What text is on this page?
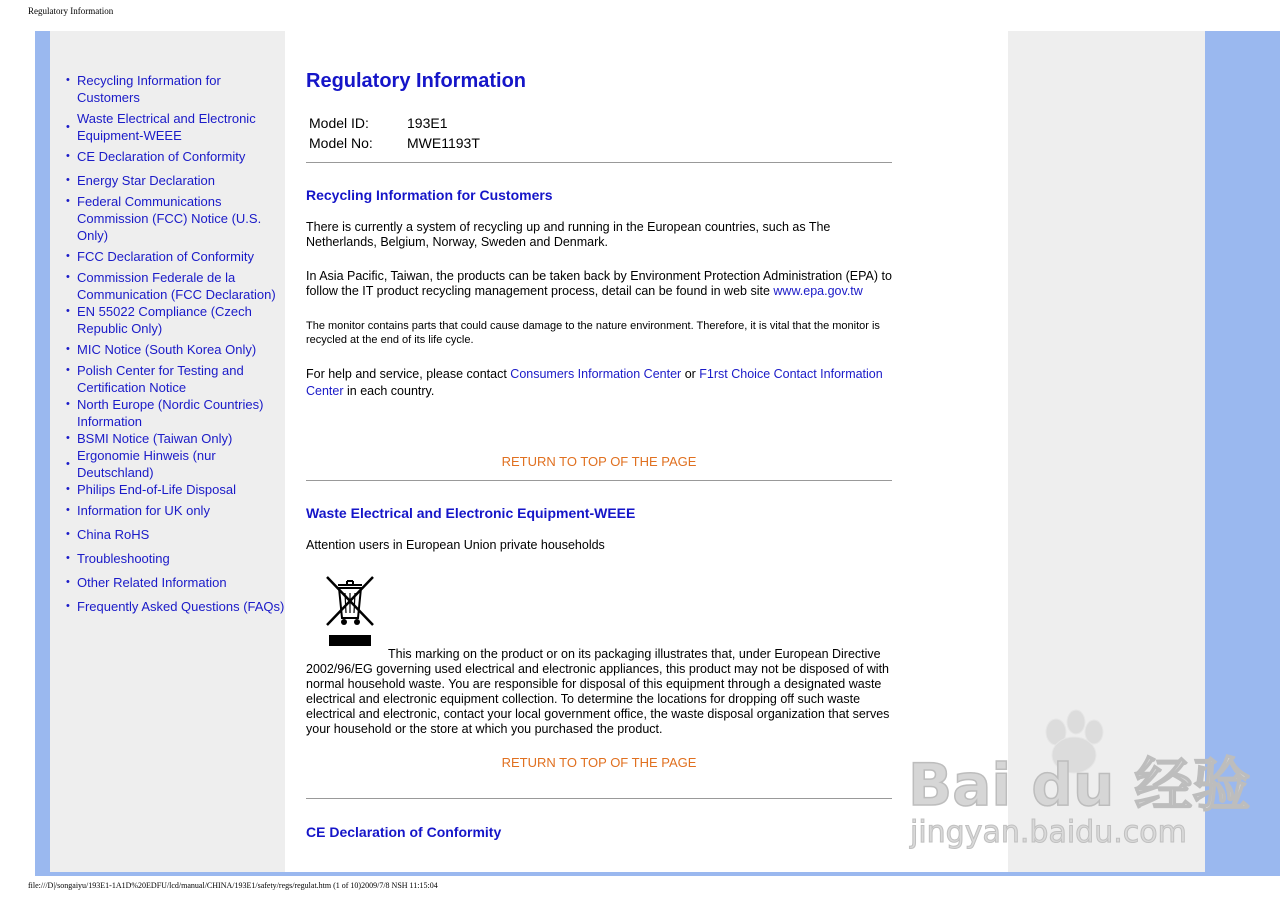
Regulatory Information
• Recycling Information for Customers
•
Waste Electrical and Electronic Equipment-WEEE
• CE Declaration of Conformity
• Energy Star Declaration
• Federal Communications Commission (FCC) Notice (U.S. Only)
• FCC Declaration of Conformity
• Commission Federale de la Communication (FCC Declaration)
• EN 55022 Compliance (Czech Republic Only)
• MIC Notice (South Korea Only)
• Polish Center for Testing and Certification Notice
• North Europe (Nordic Countries) Information
• BSMI Notice (Taiwan Only)
•
Ergonomie Hinweis (nur Deutschland)
• Philips End-of-Life Disposal
• Information for UK only
• China RoHS
• Troubleshooting
• Other Related Information
• Frequently Asked Questions (FAQs)
Regulatory Information
Model ID:	193E1
Model No:	MWE1193T
Recycling Information for Customers

There is currently a system of recycling up and running in the European countries, such as The Netherlands, Belgium, Norway, Sweden and Denmark.

In Asia Pacific, Taiwan, the products can be taken back by Environment Protection Administration (EPA) to follow the IT product recycling management process, detail can be found in web site www.epa.gov.tw

The monitor contains parts that could cause damage to the nature environment. Therefore, it is vital that the monitor is recycled at the end of its life cycle.

For help and service, please contact Consumers Information Center or F1rst Choice Contact Information Center in each country.

RETURN TO TOP OF THE PAGE

Waste Electrical and Electronic Equipment-WEEE

Attention users in European Union private households

This marking on the product or on its packaging illustrates that, under European Directive 2002/96/EG governing used electrical and electronic appliances, this product may not be disposed of with normal household waste. You are responsible for disposal of this equipment through a designated waste electrical and electronic equipment collection. To determine the locations for dropping off such waste electrical and electronic, contact your local government office, the waste disposal organization that serves your household or the store at which you purchased the product.

RETURN TO TOP OF THE PAGE

CE Declaration of Conformity
Bai du 经验
jingyan.baidu.com
file:///D|/songaiyu/193E1-1A1D%20EDFU/lcd/manual/CHINA/193E1/safety/regs/regulat.htm (1 of 10)2009/7/8 NSH 11:15:04
